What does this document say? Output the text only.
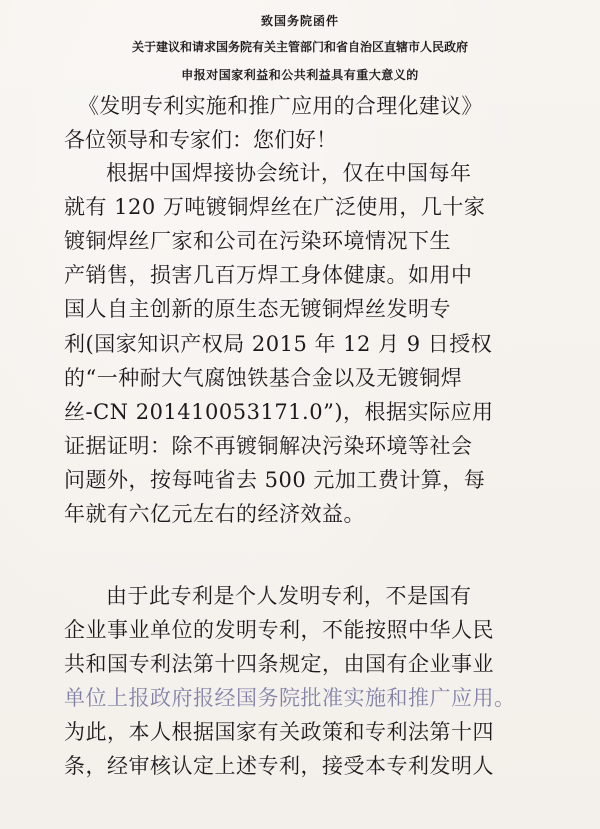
致国务院函件
关于建议和请求国务院有关主管部门和省自治区直辖市人民政府
申报对国家利益和公共利益具有重大意义的
《发明专利实施和推广应用的合理化建议》
各位领导和专家们：您们好！
根据中国焊接协会统计，仅在中国每年
就有 120 万吨镀铜焊丝在广泛使用，几十家
镀铜焊丝厂家和公司在污染环境情况下生
产销售，损害几百万焊工身体健康。如用中
国人自主创新的原生态无镀铜焊丝发明专
利(国家知识产权局 2015 年 12 月 9 日授权
的“一种耐大气腐蚀铁基合金以及无镀铜焊
丝-CN 201410053171.0”)，根据实际应用
证据证明：除不再镀铜解决污染环境等社会
问题外，按每吨省去 500 元加工费计算，每
年就有六亿元左右的经济效益。
由于此专利是个人发明专利，不是国有
企业事业单位的发明专利，不能按照中华人民
共和国专利法第十四条规定，由国有企业事业
单位上报政府报经国务院批准实施和推广应用。
为此，本人根据国家有关政策和专利法第十四
条，经审核认定上述专利，接受本专利发明人
